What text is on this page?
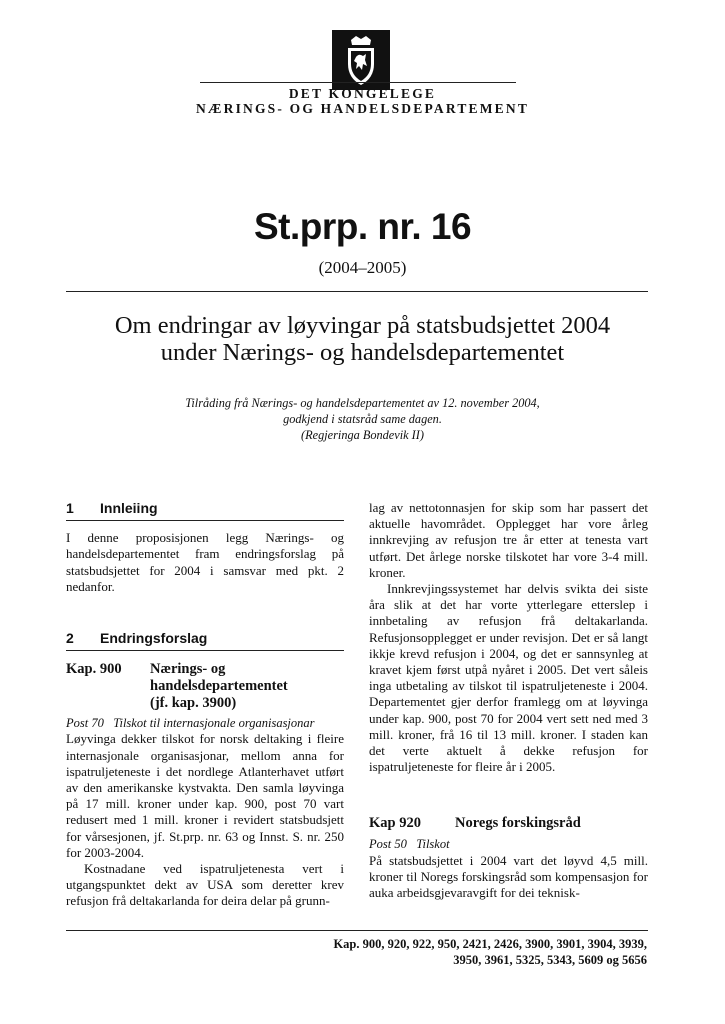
DET KONGELEGE
NÆRINGS- OG HANDELSDEPARTEMENT
St.prp. nr. 16
(2004–2005)
Om endringar av løyvingar på statsbudsjettet 2004
under Nærings- og handelsdepartementet
Tilråding frå Nærings- og handelsdepartementet av 12. november 2004,
godkjend i statsråd same dagen.
(Regjeringa Bondevik II)
1 Innleiing

I denne proposisjonen legg Nærings- og handelsdepartementet fram endringsforslag på statsbudsjettet for 2004 i samsvar med pkt. 2 nedanfor.

2 Endringsforslag
Kap. 900	Nærings- og
handelsdepartementet
(jf. kap. 3900)

Post 70   Tilskot til internasjonale organisasjonar

Løyvinga dekker tilskot for norsk deltaking i fleire internasjonale organisasjonar, mellom anna for ispatruljeteneste i det nordlege Atlanterhavet utført av den amerikanske kystvakta. Den samla løyvinga på 17 mill. kroner under kap. 900, post 70 vart redusert med 1 mill. kroner i revidert statsbudsjett for vårsesjonen, jf. St.prp. nr. 63 og Innst. S. nr. 250 for 2003-2004.

Kostnadane ved ispatruljetenesta vert i utgangspunktet dekt av USA som deretter krev refusjon frå deltakarlanda for deira delar på grunn-

lag av nettotonnasjen for skip som har passert det aktuelle havområdet. Opplegget har vore årleg innkrevjing av refusjon tre år etter at tenesta vart utført. Det årlege norske tilskotet har vore 3-4 mill. kroner.

Innkrevjingssystemet har delvis svikta dei siste åra slik at det har vorte ytterlegare etterslep i innbetaling av refusjon frå deltakarlanda. Refusjonsopplegget er under revisjon. Det er så langt ikkje krevd refusjon i 2004, og det er sannsynleg at kravet kjem først utpå nyåret i 2005. Det vert såleis inga utbetaling av tilskot til ispatruljeteneste i 2004. Departementet gjer derfor framlegg om at løyvinga under kap. 900, post 70 for 2004 vert sett ned med 3 mill. kroner, frå 16 til 13 mill. kroner. I staden kan det verte aktuelt å dekke refusjon for ispatruljeteneste for fleire år i 2005.

Kap 920	Noregs forskingsråd

Post 50   Tilskot

På statsbudsjettet i 2004 vart det løyvd 4,5 mill. kroner til Noregs forskingsråd som kompensasjon for auka arbeidsgjevaravgift for dei teknisk-

Kap. 900, 920, 922, 950, 2421, 2426, 3900, 3901, 3904, 3939,
3950, 3961, 5325, 5343, 5609 og 5656
